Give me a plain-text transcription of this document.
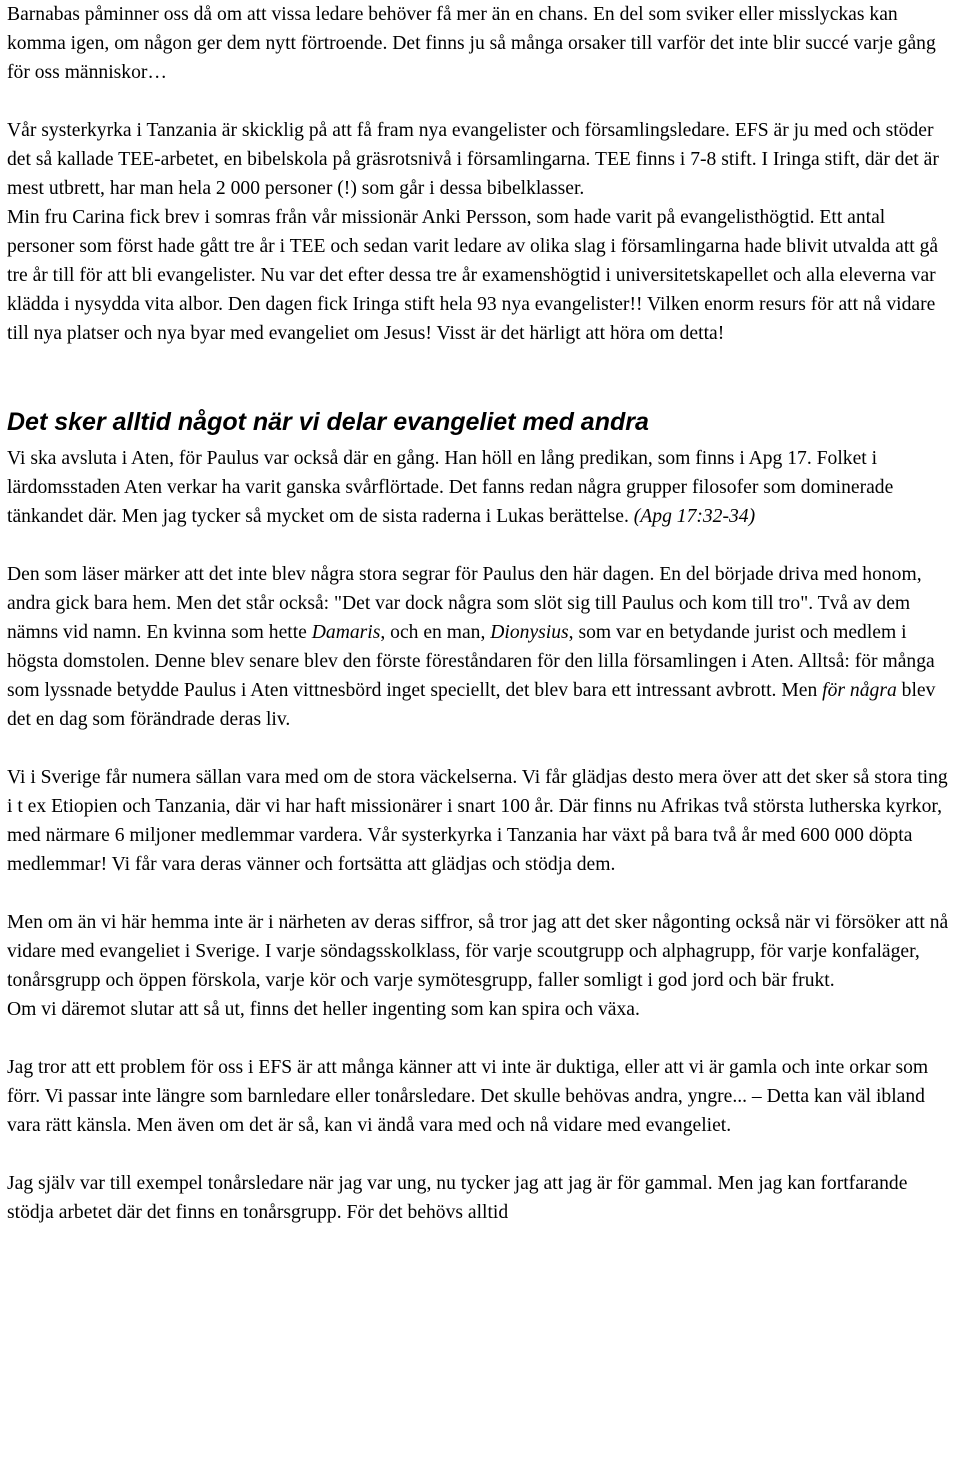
Barnabas påminner oss då om att vissa ledare behöver få mer än en chans. En del som sviker eller misslyckas kan komma igen, om någon ger dem nytt förtroende. Det finns ju så många orsaker till varför det inte blir succé varje gång för oss människor…

Vår systerkyrka i Tanzania är skicklig på att få fram nya evangelister och församlingsledare. EFS är ju med och stöder det så kallade TEE-arbetet, en bibelskola på gräsrotsnivå i församlingarna. TEE finns i 7-8 stift. I Iringa stift, där det är mest utbrett, har man hela 2 000 personer (!) som går i dessa bibelklasser.

Min fru Carina fick brev i somras från vår missionär Anki Persson, som hade varit på evangelisthögtid. Ett antal personer som först hade gått tre år i TEE och sedan varit ledare av olika slag i församlingarna hade blivit utvalda att gå tre år till för att bli evangelister. Nu var det efter dessa tre år examenshögtid i universitetskapellet och alla eleverna var klädda i nysydda vita albor. Den dagen fick Iringa stift hela 93 nya evangelister!! Vilken enorm resurs för att nå vidare till nya platser och nya byar med evangeliet om Jesus! Visst är det härligt att höra om detta!

Det sker alltid något när vi delar evangeliet med andra

Vi ska avsluta i Aten, för Paulus var också där en gång. Han höll en lång predikan, som finns i Apg 17. Folket i lärdomsstaden Aten verkar ha varit ganska svårflörtade. Det fanns redan några grupper filosofer som dominerade tänkandet där. Men jag tycker så mycket om de sista raderna i Lukas berättelse. (Apg 17:32-34)

Den som läser märker att det inte blev några stora segrar för Paulus den här dagen. En del började driva med honom, andra gick bara hem. Men det står också: "Det var dock några som slöt sig till Paulus och kom till tro". Två av dem nämns vid namn. En kvinna som hette Damaris, och en man, Dionysius, som var en betydande jurist och medlem i högsta domstolen. Denne blev senare blev den förste föreståndaren för den lilla församlingen i Aten. Alltså: för många som lyssnade betydde Paulus i Aten vittnesbörd inget speciellt, det blev bara ett intressant avbrott. Men för några blev det en dag som förändrade deras liv.

Vi i Sverige får numera sällan vara med om de stora väckelserna. Vi får glädjas desto mera över att det sker så stora ting i t ex Etiopien och Tanzania, där vi har haft missionärer i snart 100 år. Där finns nu Afrikas två största lutherska kyrkor, med närmare 6 miljoner medlemmar vardera. Vår systerkyrka i Tanzania har växt på bara två år med 600 000 döpta medlemmar! Vi får vara deras vänner och fortsätta att glädjas och stödja dem.

Men om än vi här hemma inte är i närheten av deras siffror, så tror jag att det sker någonting också när vi försöker att nå vidare med evangeliet i Sverige. I varje söndagsskolklass, för varje scoutgrupp och alphagrupp, för varje konfaläger, tonårsgrupp och öppen förskola, varje kör och varje symötesgrupp, faller somligt i god jord och bär frukt.

Om vi däremot slutar att så ut, finns det heller ingenting som kan spira och växa.

Jag tror att ett problem för oss i EFS är att många känner att vi inte är duktiga, eller att vi är gamla och inte orkar som förr. Vi passar inte längre som barnledare eller tonårsledare. Det skulle behövas andra, yngre... – Detta kan väl ibland vara rätt känsla. Men även om det är så, kan vi ändå vara med och nå vidare med evangeliet.

Jag själv var till exempel tonårsledare när jag var ung, nu tycker jag att jag är för gammal. Men jag kan fortfarande stödja arbetet där det finns en tonårsgrupp. För det behövs alltid
